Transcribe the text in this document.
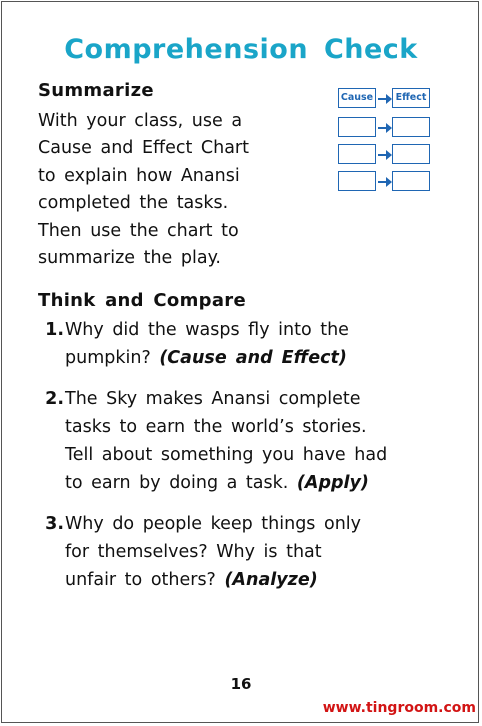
Comprehension Check
Summarize
With your class, use a
Cause and Effect Chart
to explain how Anansi
completed the tasks.
Then use the chart to
summarize the play.
Cause	Effect
Think and Compare
1. Why did the wasps fly into the
pumpkin? (Cause and Effect)
2. The Sky makes Anansi complete
tasks to earn the world’s stories.
Tell about something you have had
to earn by doing a task. (Apply)
3. Why do people keep things only
for themselves? Why is that
unfair to others? (Analyze)
16
www.tingroom.com
